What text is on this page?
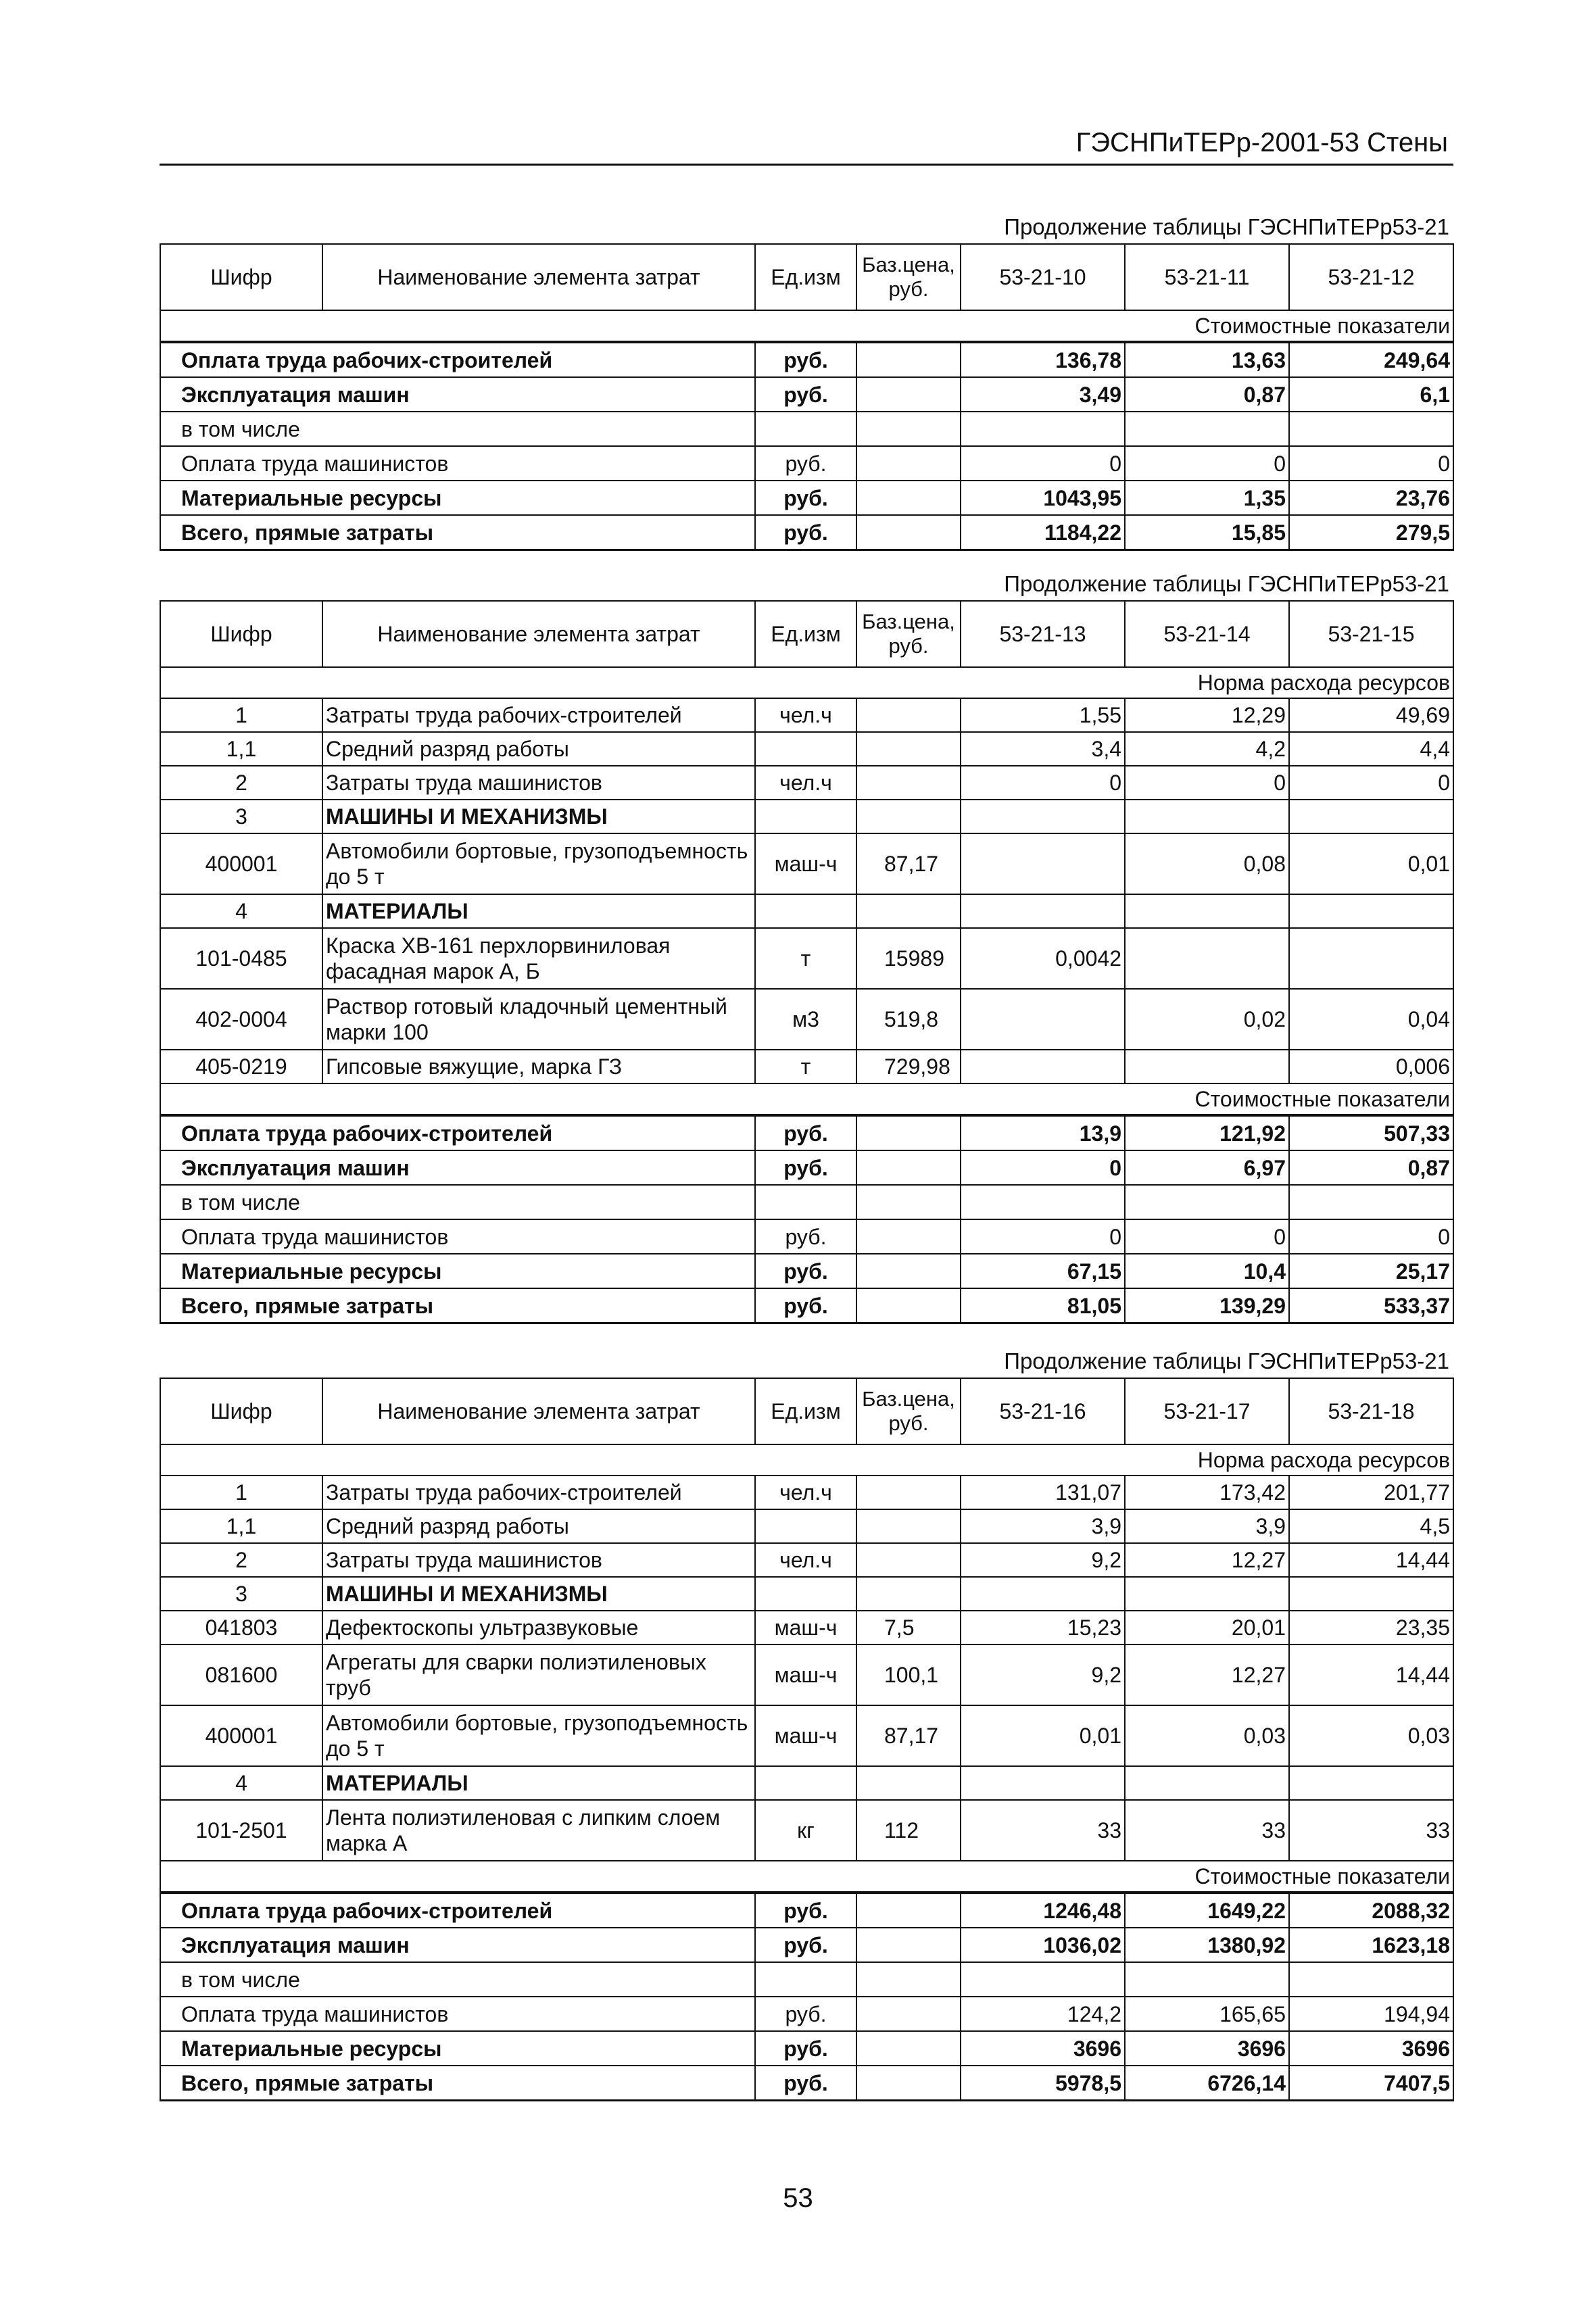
ГЭСНПиТЕРр-2001-53 Стены
Продолжение таблицы ГЭСНПиТЕРр53-21
Шифр	Наименование элемента затрат	Ед.изм	Баз.цена, руб.	53-21-10	53-21-11	53-21-12
Стоимостные показатели						
Оплата труда рабочих-строителей		руб.		136,78	13,63	249,64
Эксплуатация машин		руб.		3,49	0,87	6,1
в том числе						
Оплата труда машинистов		руб.		0	0	0
Материальные ресурсы		руб.		1043,95	1,35	23,76
Всего, прямые затраты		руб.		1184,22	15,85	279,5
Продолжение таблицы ГЭСНПиТЕРр53-21
Шифр	Наименование элемента затрат	Ед.изм	Баз.цена, руб.	53-21-13	53-21-14	53-21-15
Норма расхода ресурсов						
1	Затраты труда рабочих-строителей	чел.ч		1,55	12,29	49,69
1,1	Средний разряд работы			3,4	4,2	4,4
2	Затраты труда машинистов	чел.ч		0	0	0
3	МАШИНЫ И МЕХАНИЗМЫ					
400001	Автомобили бортовые, грузоподъемность до 5 т	маш-ч	87,17		0,08	0,01
4	МАТЕРИАЛЫ					
101-0485	Краска ХВ-161 перхлорвиниловая фасадная марок А, Б	т	15989	0,0042		
402-0004	Раствор готовый кладочный цементный марки 100	м3	519,8		0,02	0,04
405-0219	Гипсовые вяжущие, марка ГЗ	т	729,98			0,006
Стоимостные показатели						
Оплата труда рабочих-строителей		руб.		13,9	121,92	507,33
Эксплуатация машин		руб.		0	6,97	0,87
в том числе						
Оплата труда машинистов		руб.		0	0	0
Материальные ресурсы		руб.		67,15	10,4	25,17
Всего, прямые затраты		руб.		81,05	139,29	533,37
Продолжение таблицы ГЭСНПиТЕРр53-21
Шифр	Наименование элемента затрат	Ед.изм	Баз.цена, руб.	53-21-16	53-21-17	53-21-18
Норма расхода ресурсов						
1	Затраты труда рабочих-строителей	чел.ч		131,07	173,42	201,77
1,1	Средний разряд работы			3,9	3,9	4,5
2	Затраты труда машинистов	чел.ч		9,2	12,27	14,44
3	МАШИНЫ И МЕХАНИЗМЫ					
041803	Дефектоскопы ультразвуковые	маш-ч	7,5	15,23	20,01	23,35
081600	Агрегаты для сварки полиэтиленовых труб	маш-ч	100,1	9,2	12,27	14,44
400001	Автомобили бортовые, грузоподъемность до 5 т	маш-ч	87,17	0,01	0,03	0,03
4	МАТЕРИАЛЫ					
101-2501	Лента полиэтиленовая с липким слоем марка А	кг	112	33	33	33
Стоимостные показатели						
Оплата труда рабочих-строителей		руб.		1246,48	1649,22	2088,32
Эксплуатация машин		руб.		1036,02	1380,92	1623,18
в том числе						
Оплата труда машинистов		руб.		124,2	165,65	194,94
Материальные ресурсы		руб.		3696	3696	3696
Всего, прямые затраты		руб.		5978,5	6726,14	7407,5
53
